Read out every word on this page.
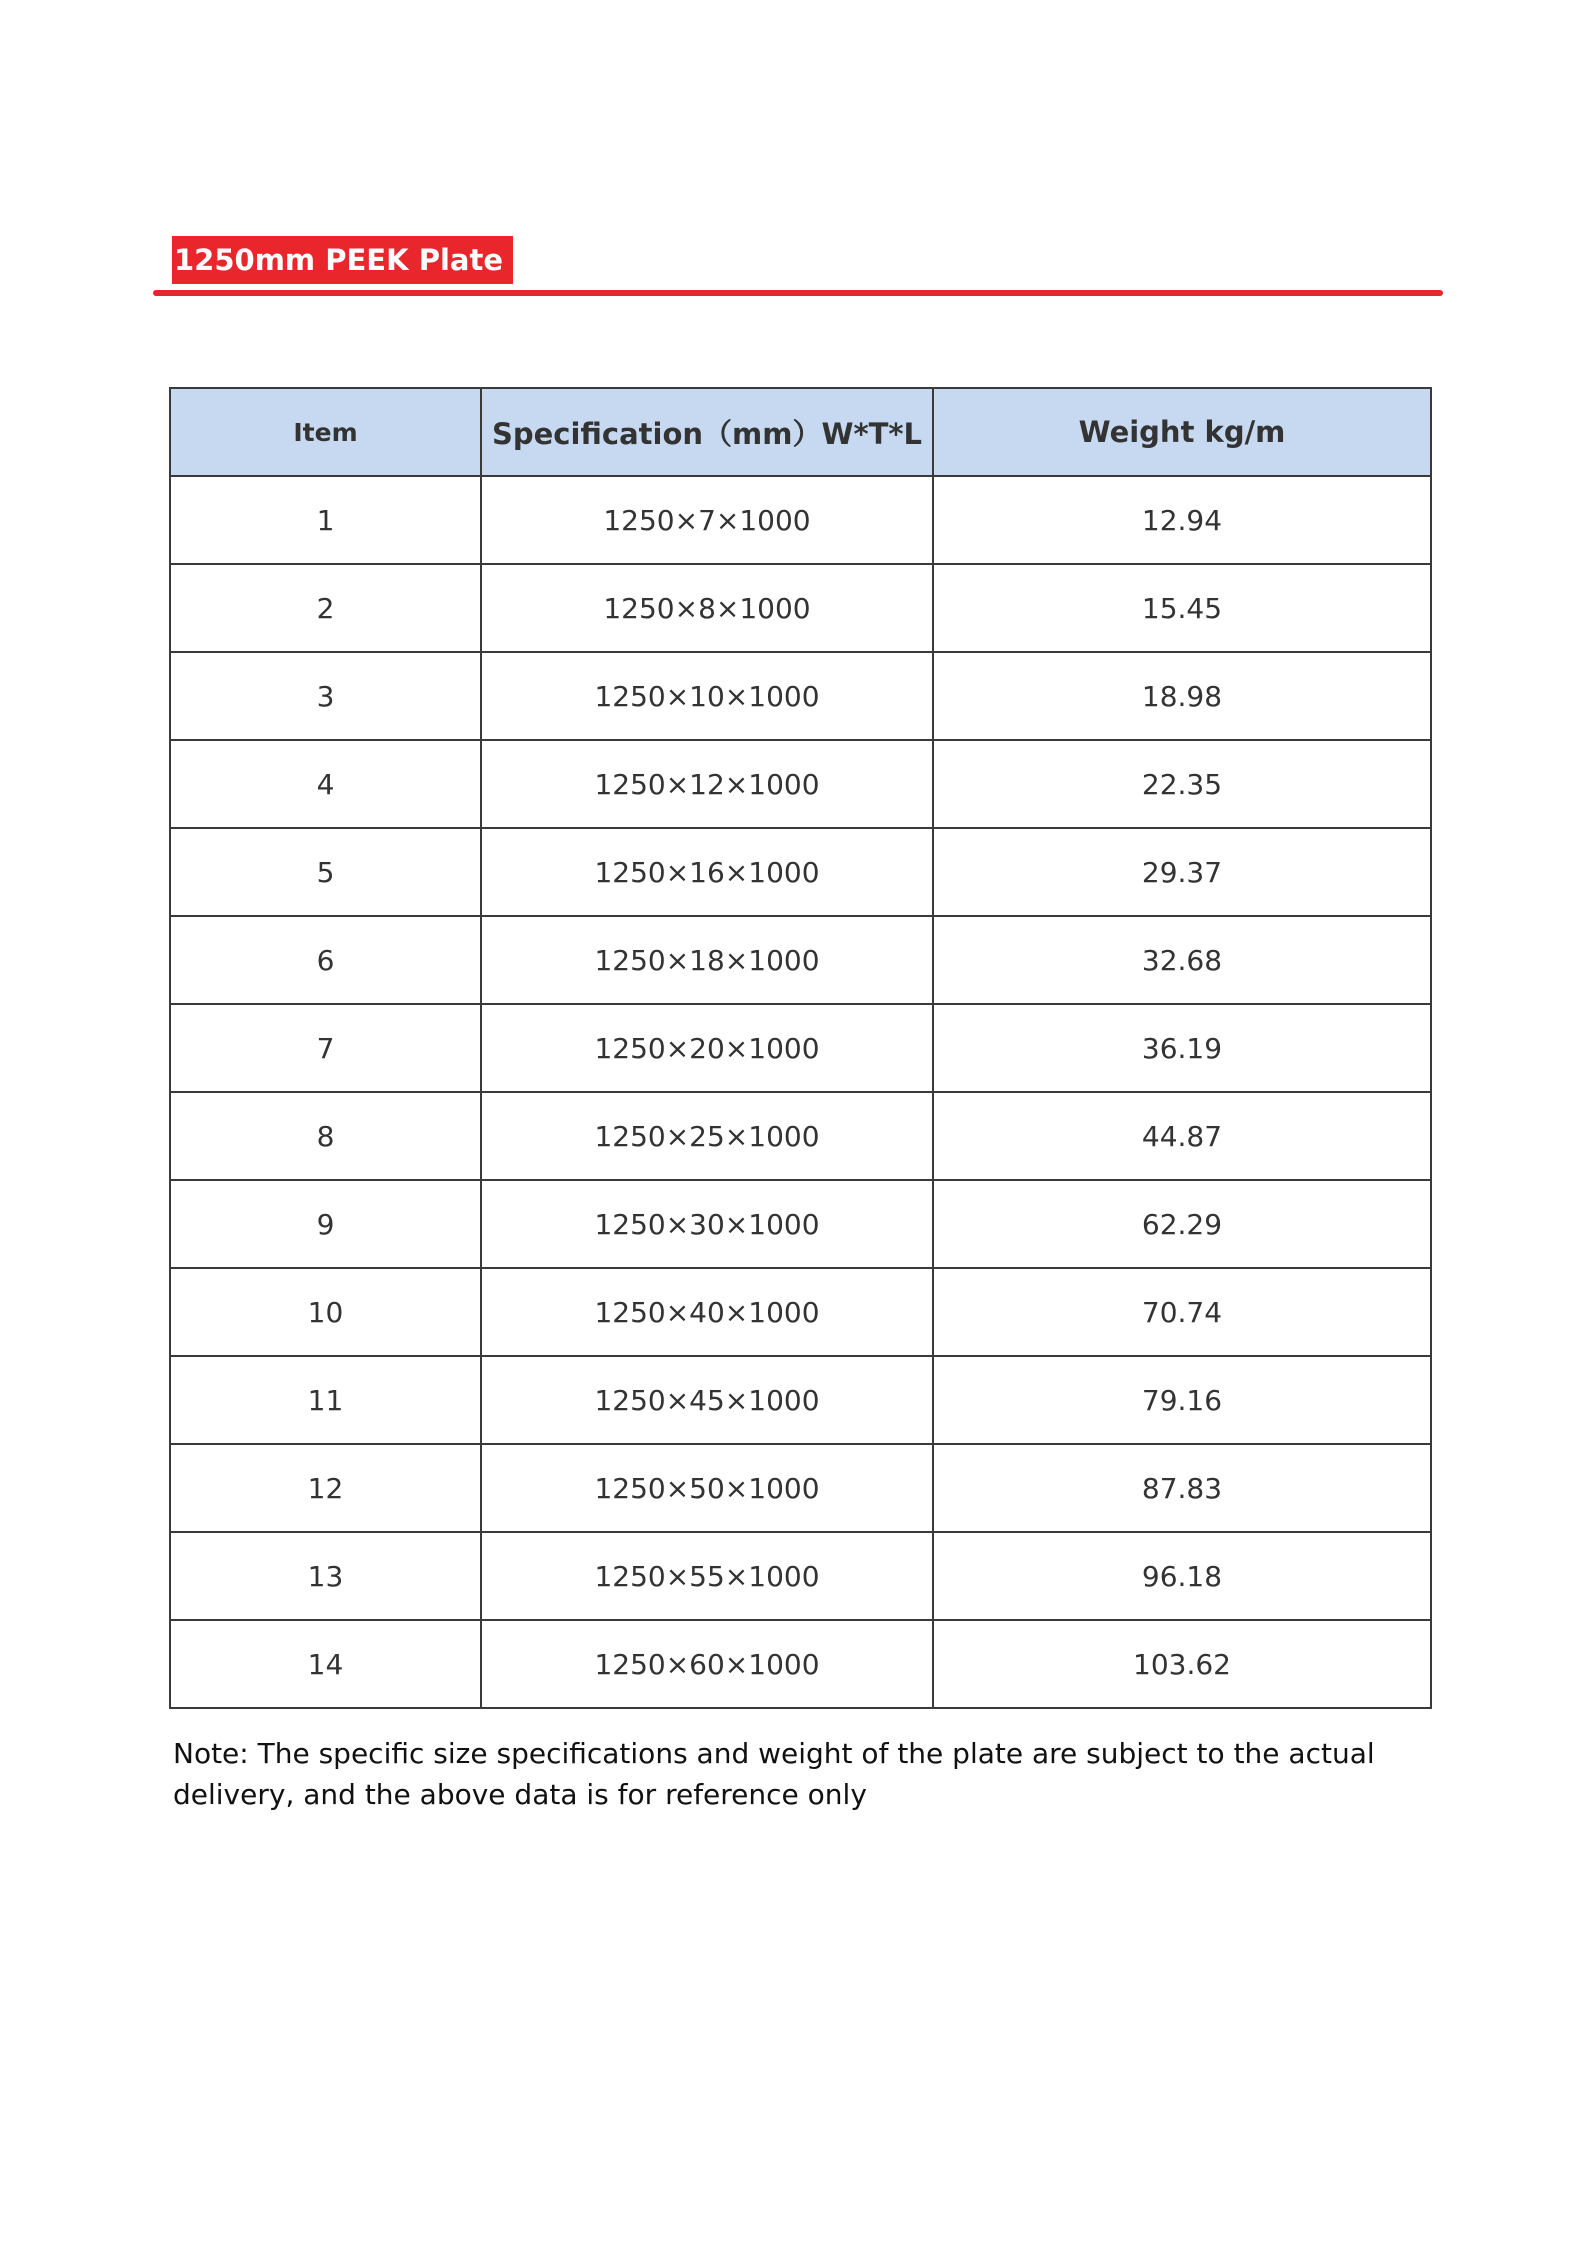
1250mm PEEK Plate
Item	Specification（mm）W*T*L	Weight kg/m
1	1250×7×1000	12.94
2	1250×8×1000	15.45
3	1250×10×1000	18.98
4	1250×12×1000	22.35
5	1250×16×1000	29.37
6	1250×18×1000	32.68
7	1250×20×1000	36.19
8	1250×25×1000	44.87
9	1250×30×1000	62.29
10	1250×40×1000	70.74
11	1250×45×1000	79.16
12	1250×50×1000	87.83
13	1250×55×1000	96.18
14	1250×60×1000	103.62
Note: The specific size specifications and weight of the plate are subject to the actual delivery, and the above data is for reference only
